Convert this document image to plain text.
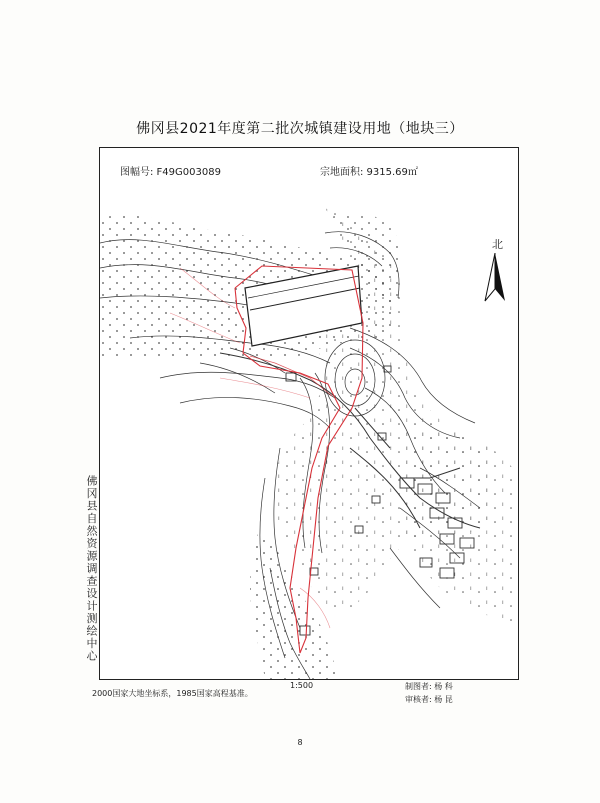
佛冈县2021年度第二批次城镇建设用地（地块三）
图幅号: F49G003089	宗地面积: 9315.69㎡
北
佛冈县自然资源调查设计测绘中心
1:500
2000国家大地坐标系，1985国家高程基准。
制图者: 杨 科
审核者: 杨 昆
8
